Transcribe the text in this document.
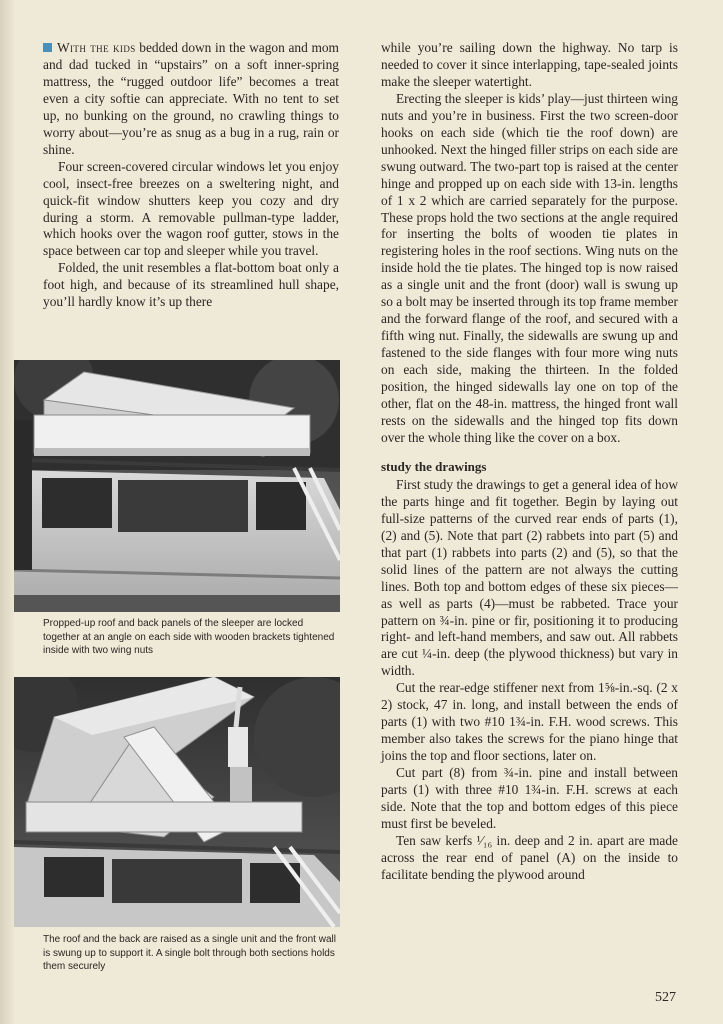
With the kids bedded down in the wagon and mom and dad tucked in “upstairs” on a soft inner-spring mattress, the “rugged outdoor life” becomes a treat even a city softie can appreciate. With no tent to set up, no bunking on the ground, no crawling things to worry about—you’re as snug as a bug in a rug, rain or shine.

Four screen-covered circular windows let you enjoy cool, insect-free breezes on a sweltering night, and quick-fit window shutters keep you cozy and dry during a storm. A removable pullman-type ladder, which hooks over the wagon roof gutter, stows in the space between car top and sleeper while you travel.

Folded, the unit resembles a flat-bottom boat only a foot high, and because of its streamlined hull shape, you’ll hardly know it’s up there

Propped-up roof and back panels of the sleeper are locked together at an angle on each side with wooden brackets tightened inside with two wing nuts
The roof and the back are raised as a single unit and the front wall is swung up to support it. A single bolt through both sections holds them securely

while you’re sailing down the highway. No tarp is needed to cover it since interlapping, tape-sealed joints make the sleeper watertight.

Erecting the sleeper is kids’ play—just thirteen wing nuts and you’re in business. First the two screen-door hooks on each side (which tie the roof down) are unhooked. Next the hinged filler strips on each side are swung outward. The two-part top is raised at the center hinge and propped up on each side with 13-in. lengths of 1 x 2 which are carried separately for the purpose. These props hold the two sections at the angle required for inserting the bolts of wooden tie plates in registering holes in the roof sections. Wing nuts on the inside hold the tie plates. The hinged top is now raised as a single unit and the front (door) wall is swung up so a bolt may be inserted through its top frame member and the forward flange of the roof, and secured with a fifth wing nut. Finally, the sidewalls are swung up and fastened to the side flanges with four more wing nuts on each side, making the thirteen. In the folded position, the hinged sidewalls lay one on top of the other, flat on the 48-in. mattress, the hinged front wall rests on the sidewalls and the hinged top fits down over the whole thing like the cover on a box.

study the drawings

First study the drawings to get a general idea of how the parts hinge and fit together. Begin by laying out full-size patterns of the curved rear ends of parts (1), (2) and (5). Note that part (2) rabbets into part (5) and that part (1) rabbets into parts (2) and (5), so that the solid lines of the pattern are not always the cutting lines. Both top and bottom edges of these six pieces—as well as parts (4)—must be rabbeted. Trace your pattern on ¾-in. pine or fir, positioning it to producing right- and left-hand members, and saw out. All rabbets are cut ¼-in. deep (the plywood thickness) but vary in width.

Cut the rear-edge stiffener next from 1⅝-in.-sq. (2 x 2) stock, 47 in. long, and install between the ends of parts (1) with two #10 1¾-in. F.H. wood screws. This member also takes the screws for the piano hinge that joins the top and floor sections, later on.

Cut part (8) from ¾-in. pine and install between parts (1) with three #10 1¾-in. F.H. screws at each side. Note that the top and bottom edges of this piece must first be beveled.

Ten saw kerfs ¹⁄₁₆ in. deep and 2 in. apart are made across the rear end of panel (A) on the inside to facilitate bending the plywood around

527
